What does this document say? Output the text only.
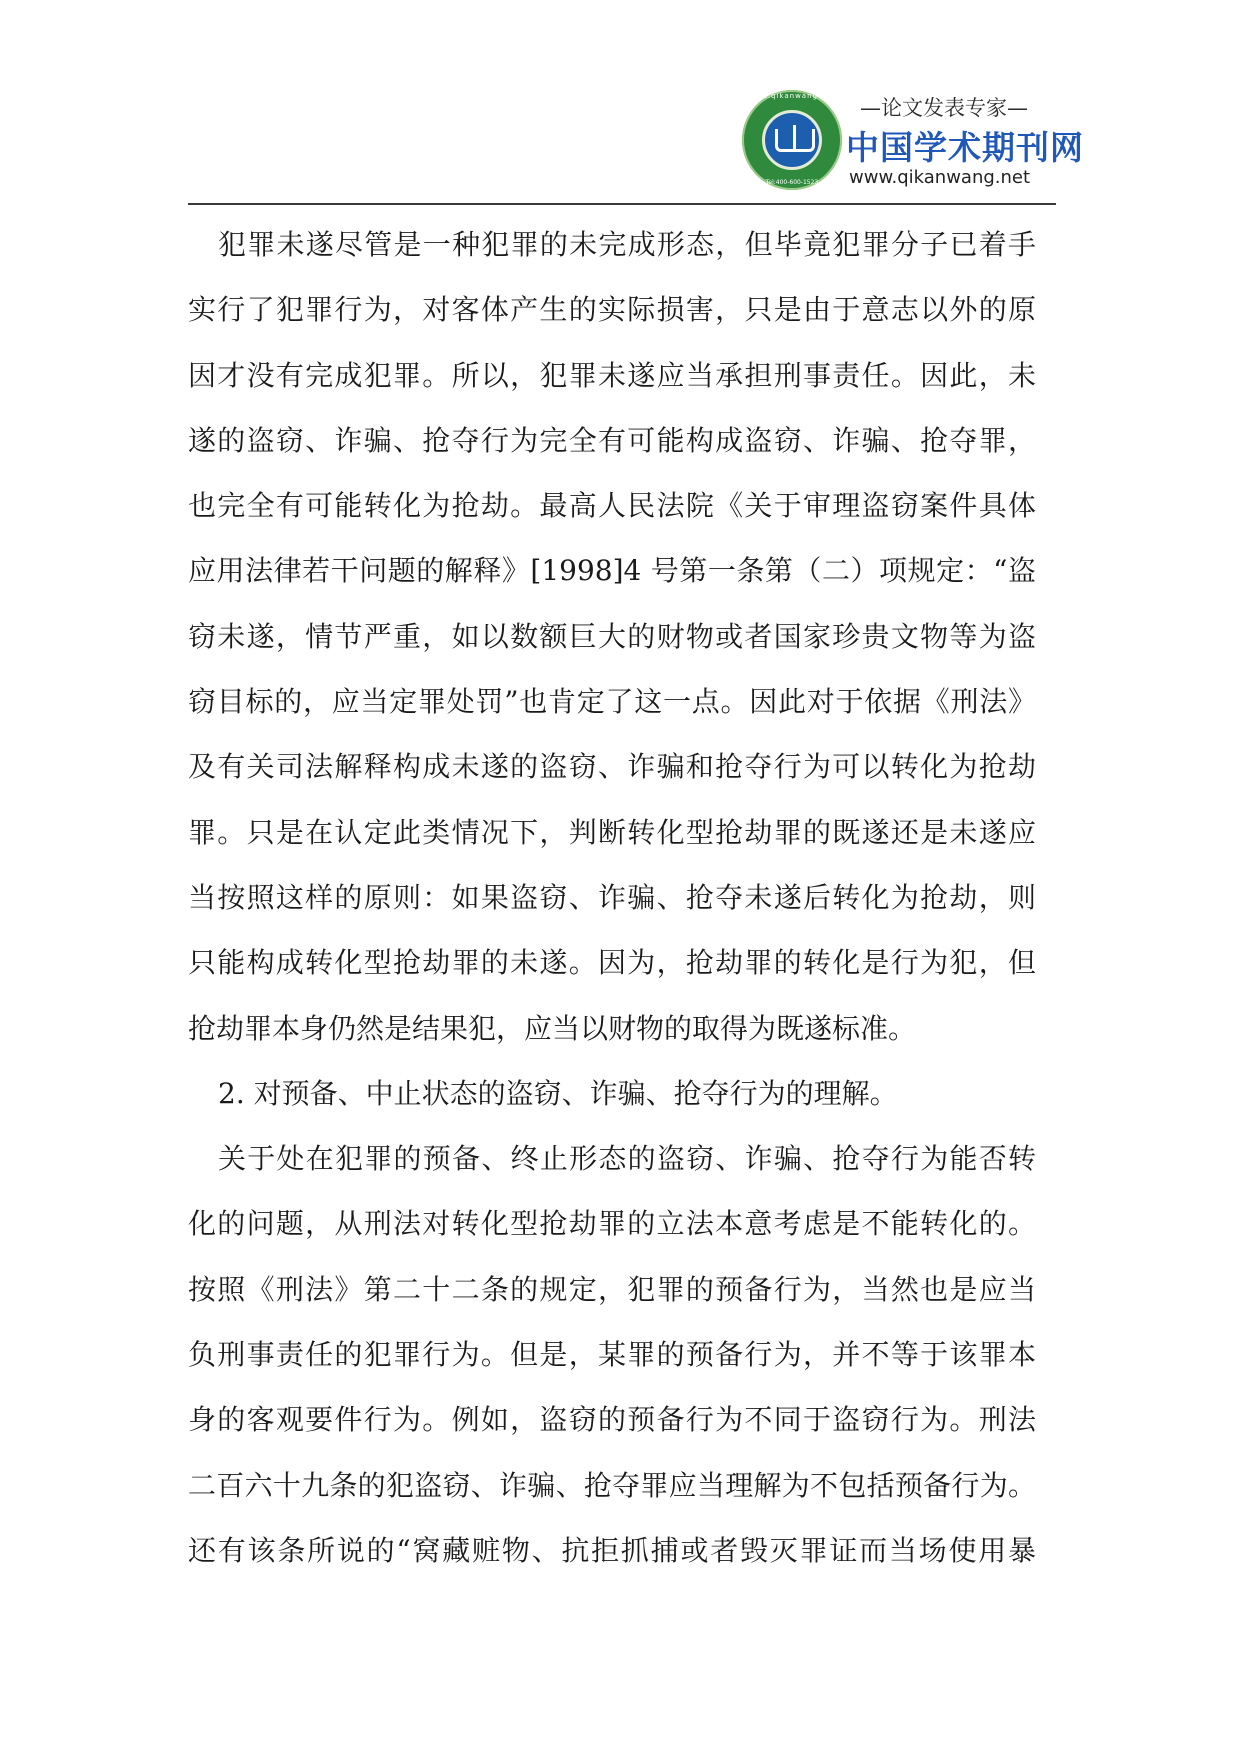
www.qikanwang.net
Tel:400-600-1523
—论文发表专家—
中国学术期刊网
www.qikanwang.net
犯罪未遂尽管是一种犯罪的未完成形态，但毕竟犯罪分子已着手
实行了犯罪行为，对客体产生的实际损害，只是由于意志以外的原
因才没有完成犯罪。所以，犯罪未遂应当承担刑事责任。因此，未
遂的盗窃、诈骗、抢夺行为完全有可能构成盗窃、诈骗、抢夺罪，
也完全有可能转化为抢劫。最高人民法院《关于审理盗窃案件具体
应用法律若干问题的解释》[1998]4 号第一条第（二）项规定：“盗
窃未遂，情节严重，如以数额巨大的财物或者国家珍贵文物等为盗
窃目标的，应当定罪处罚”也肯定了这一点。因此对于依据《刑法》
及有关司法解释构成未遂的盗窃、诈骗和抢夺行为可以转化为抢劫
罪。只是在认定此类情况下，判断转化型抢劫罪的既遂还是未遂应
当按照这样的原则：如果盗窃、诈骗、抢夺未遂后转化为抢劫，则
只能构成转化型抢劫罪的未遂。因为，抢劫罪的转化是行为犯，但
抢劫罪本身仍然是结果犯，应当以财物的取得为既遂标准。
2. 对预备、中止状态的盗窃、诈骗、抢夺行为的理解。
关于处在犯罪的预备、终止形态的盗窃、诈骗、抢夺行为能否转
化的问题，从刑法对转化型抢劫罪的立法本意考虑是不能转化的。
按照《刑法》第二十二条的规定，犯罪的预备行为，当然也是应当
负刑事责任的犯罪行为。但是，某罪的预备行为，并不等于该罪本
身的客观要件行为。例如，盗窃的预备行为不同于盗窃行为。刑法
二百六十九条的犯盗窃、诈骗、抢夺罪应当理解为不包括预备行为。
还有该条所说的“窝藏赃物、抗拒抓捕或者毁灭罪证而当场使用暴
